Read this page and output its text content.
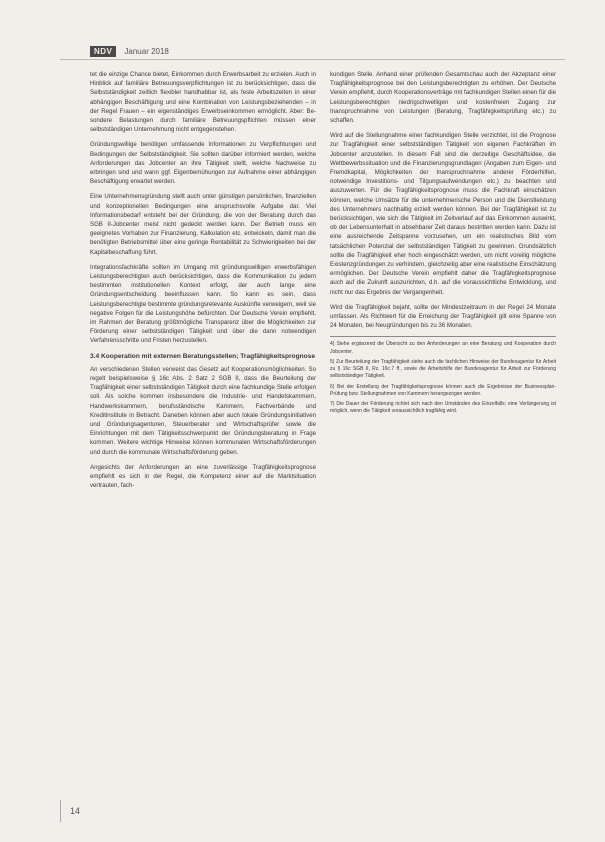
NDV	Januar 2018

tet die einzige Chance bietet, Einkommen durch Erwerbsarbeit zu erzielen. Auch in Hinblick auf familiäre Betreuungsverpflichtungen ist zu berücksichtigen, dass die Selbstständigkeit zeitlich flexibler handhabbar ist, als feste Arbeitszeiten in einer abhängigen Beschäftigung und eine Kombination von Leistungsbeziehenden – in der Regel Frauen – ein eigenständiges Erwerbseinkommen ermöglicht. Aber: Besondere Belastungen durch familiäre Betreuungspflichten müssen einer selbstständigen Unternehmung nicht entgegenstehen.

Gründungswillige benötigen umfassende Informationen zu Verpflichtungen und Bedingungen der Selbstständigkeit. Sie sollten darüber informiert werden, welche Anforderungen das Jobcenter an ihre Tätigkeit stellt, welche Nachweise zu erbringen sind und wann ggf. Eigenbemühungen zur Aufnahme einer abhängigen Beschäftigung erwartet werden.

Eine Unternehmensgründung stellt auch unter günstigen persönlichen, finanziellen und konzeptionellen Bedingungen eine anspruchsvolle Aufgabe dar. Viel Informationsbedarf entsteht bei der Gründung, die von der Beratung durch das SGB II-Jobcenter meist nicht gedeckt werden kann. Der Betrieb muss ein geeignetes Vorhaben zur Finanzierung, Kalkulation etc. entwickeln, damit man die benötigten Betriebsmittel über eine geringe Rentabilität zu Schwierigkeiten bei der Kapitalbeschaffung führt.

Integrationsfachkräfte sollten im Umgang mit gründungswilligen erwerbsfähigen Leistungsberechtigten auch berücksichtigen, dass die Kommunikation zu jedem bestimmten institutionellen Kontext erfolgt, der auch lange eine Gründungsentscheidung beeinflussen kann. So kann es sein, dass Leistungsberechtigte bestimmte gründungsrelevante Auskünfte verweigern, weil sie negative Folgen für die Leistungshöhe befürchten. Der Deutsche Verein empfiehlt, im Rahmen der Beratung größtmögliche Transparenz über die Möglichkeiten zur Förderung einer selbstständigen Tätigkeit und über die dann notwendigen Verfahrensschritte und Fristen herzustellen.

3.4 Kooperation mit externen Beratungsstellen; Tragfähigkeitsprognose

An verschiedenen Stellen verweist das Gesetz auf Kooperationsmöglichkeiten. So regelt beispielsweise § 16c Abs. 2 Satz 2 SGB II, dass die Beurteilung der Tragfähigkeit einer selbstständigen Tätigkeit durch eine fachkundige Stelle erfolgen soll. Als solche kommen insbesondere die Industrie- und Handelskammern, Handwerkskammern, berufsständische Kammern, Fachverbände und Kreditinstitute in Betracht. Daneben können aber auch lokale Gründungsinitiativen und Gründungsagenturen, Steuerberater und Wirtschaftsprüfer sowie die Einrichtungen mit dem Tätigkeitsschwerpunkt der Gründungsberatung in Frage kommen. Weitere wichtige Hinweise können kommunalen Wirtschaftsförderungen und durch die kommunale Wirtschaftsförderung geben.

Angesichts der Anforderungen an eine zuverlässige Tragfähigkeitsprognose empfiehlt es sich in der Regel, die Kompetenz einer auf die Marktsituation vertrauten, fach-

kundigen Stelle. Anhand einer prüfenden Gesamtschau auch der Akzeptanz einer Tragfähigkeitsprognose bei den Leistungsberechtigten zu erhöhen. Der Deutsche Verein empfiehlt, durch Kooperationsverträge mit fachkundigen Stellen einen für die Leistungsberechtigten niedrigschwelligen und kostenfreien Zugang zur Inanspruchnahme von Leistungen (Beratung, Tragfähigkeitsprüfung etc.) zu schaffen.

Wird auf die Stellungnahme einer fachkundigen Stelle verzichtet, ist die Prognose zur Tragfähigkeit einer selbstständigen Tätigkeit von eigenen Fachkräften im Jobcenter anzustellen. In diesem Fall sind die derzeitige Geschäftsidee, die Wettbewerbssituation und die Finanzierungsgrundlagen (Angaben zum Eigen- und Fremdkapital, Möglichkeiten der Inanspruchnahme anderer Förderhilfen, notwendige Investitions- und Tilgungsaufwendungen etc.) zu beachten und auszuwerten. Für die Tragfähigkeitsprognose muss die Fachkraft einschätzen können, welche Umsätze für die unternehmerische Person und die Dienstleistung des Unternehmers nachhaltig erzielt werden können. Bei der Tragfähigkeit ist zu berücksichtigen, wie sich die Tätigkeit im Zeitverlauf auf das Einkommen auswirkt, ob der Lebensunterhalt in absehbarer Zeit daraus bestritten werden kann. Dazu ist eine ausreichende Zeitspanne vorzusehen, um ein realistisches Bild vom tatsächlichen Potenzial der selbstständigen Tätigkeit zu gewinnen. Grundsätzlich sollte die Tragfähigkeit eher hoch eingeschätzt werden, um nicht voreilig mögliche Existenzgründungen zu verhindern, gleichzeitig aber eine realistische Einschätzung ermöglichen. Der Deutsche Verein empfiehlt daher die Tragfähigkeitsprognose auch auf die Zukunft auszurichten, d.h. auf die voraussichtliche Entwicklung, und nicht nur das Ergebnis der Vergangenheit.

Wird die Tragfähigkeit bejaht, sollte der Mindestzeitraum in der Regel 24 Monate umfassen. Als Richtwert für die Erreichung der Tragfähigkeit gilt eine Spanne von 24 Monaten, bei Neugründungen bis zu 36 Monaten.

4) Siehe ergänzend die Übersicht zu den Anforderungen an eine Beratung und Kooperation durch Jobcenter.

5) Zur Beurteilung der Tragfähigkeit siehe auch die fachlichen Hinweise der Bundesagentur für Arbeit zu § 16c SGB II, Rz. 16c.7 ff., sowie die Arbeitshilfe der Bundesagentur für Arbeit zur Förderung selbstständiger Tätigkeit.

6) Bei der Erstellung der Tragfähigkeitsprognose können auch die Ergebnisse der Businessplan-Prüfung bzw. Stellungnahmen von Kammern herangezogen werden.

7) Die Dauer der Förderung richtet sich nach den Umständen des Einzelfalls; eine Verlängerung ist möglich, wenn die Tätigkeit voraussichtlich tragfähig wird.

14
